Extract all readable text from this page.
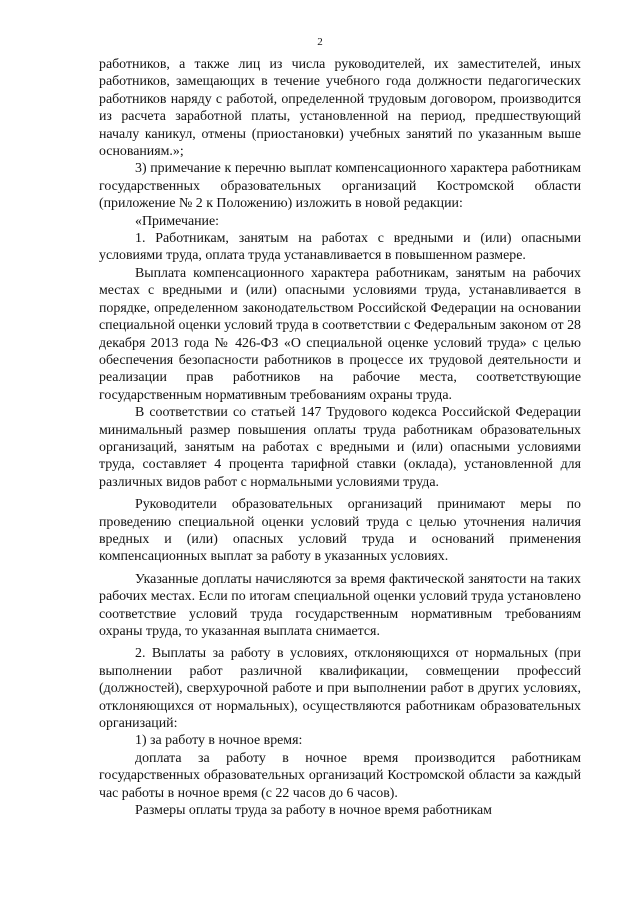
2

работников, а также лиц из числа руководителей, их заместителей, иных работников, замещающих в течение учебного года должности педагогических работников наряду с работой, определенной трудовым договором, производится из расчета заработной платы, установленной на период, предшествующий началу каникул, отмены (приостановки) учебных занятий по указанным выше основаниям.»;

3) примечание к перечню выплат компенсационного характера работникам государственных образовательных организаций Костромской области (приложение № 2 к Положению) изложить в новой редакции:

«Примечание:

1. Работникам, занятым на работах с вредными и (или) опасными условиями труда, оплата труда устанавливается в повышенном размере.

Выплата компенсационного характера работникам, занятым на рабочих местах с вредными и (или) опасными условиями труда, устанавливается в порядке, определенном законодательством Российской Федерации на основании специальной оценки условий труда в соответствии с Федеральным законом от 28 декабря 2013 года № 426-ФЗ «О специальной оценке условий труда» с целью обеспечения безопасности работников в процессе их трудовой деятельности и реализации прав работников на рабочие места, соответствующие государственным нормативным требованиям охраны труда.

В соответствии со статьей 147 Трудового кодекса Российской Федерации минимальный размер повышения оплаты труда работникам образовательных организаций, занятым на работах с вредными и (или) опасными условиями труда, составляет 4 процента тарифной ставки (оклада), установленной для различных видов работ с нормальными условиями труда.

Руководители образовательных организаций принимают меры по проведению специальной оценки условий труда с целью уточнения наличия вредных и (или) опасных условий труда и оснований применения компенсационных выплат за работу в указанных условиях.

Указанные доплаты начисляются за время фактической занятости на таких рабочих местах. Если по итогам специальной оценки условий труда установлено соответствие условий труда государственным нормативным требованиям охраны труда, то указанная выплата снимается.

2. Выплаты за работу в условиях, отклоняющихся от нормальных (при выполнении работ различной квалификации, совмещении профессий (должностей), сверхурочной работе и при выполнении работ в других условиях, отклоняющихся от нормальных), осуществляются работникам образовательных организаций:

1) за работу в ночное время:

доплата за работу в ночное время производится работникам государственных образовательных организаций Костромской области за каждый час работы в ночное время (с 22 часов до 6 часов).

Размеры оплаты труда за работу в ночное время работникам
